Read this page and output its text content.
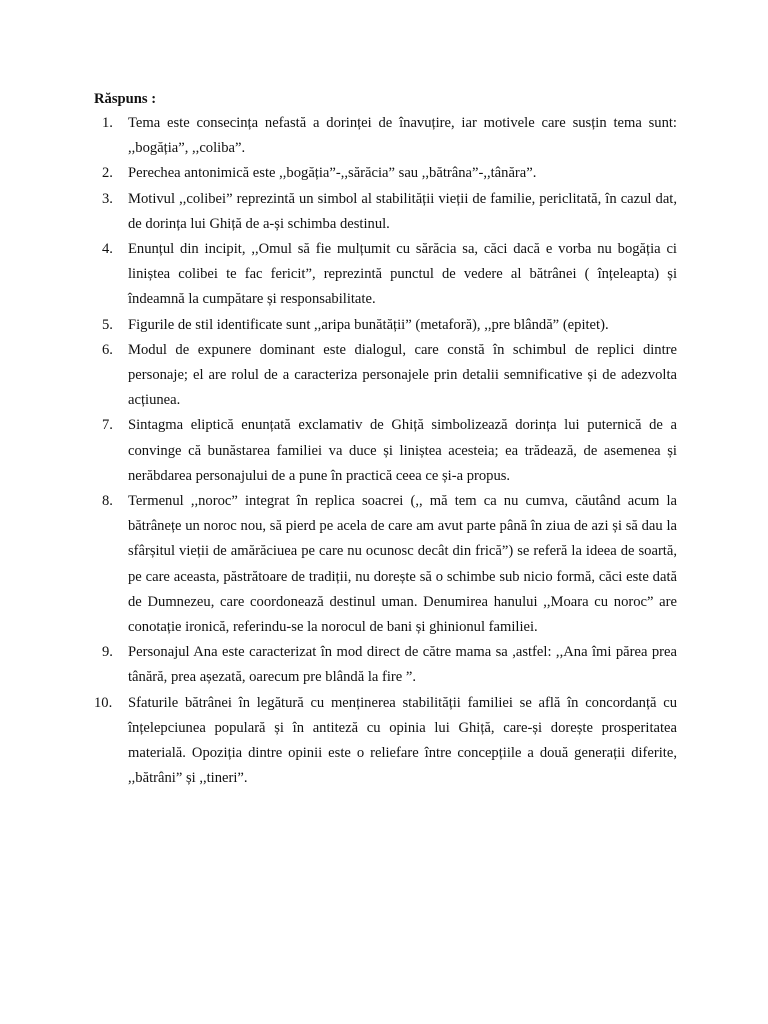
Răspuns :
1. Tema este consecința nefastă a dorinței de înavuțire, iar motivele care susțin tema sunt: ,,bogăția”, ,,coliba”.
2. Perechea antonimică este ,,bogăția”-,,sărăcia” sau ,,bătrâna”-,,tânăra”.
3. Motivul ,,colibei” reprezintă un simbol al stabilității vieții de familie, periclitată, în cazul dat, de dorința lui Ghiță de a-și schimba destinul.
4. Enunțul din incipit, ,,Omul să fie mulțumit cu sărăcia sa, căci dacă e vorba nu bogăția ci liniștea colibei te fac fericit”, reprezintă punctul de vedere al bătrânei ( înțeleapta) și îndeamnă la cumpătare și responsabilitate.
5. Figurile de stil identificate sunt ,,aripa bunătății” (metaforă), ,,pre blândă” (epitet).
6. Modul de expunere dominant este dialogul, care constă în schimbul de replici dintre personaje; el are rolul de a caracteriza personajele prin detalii semnificative și de adezvolta acțiunea.
7. Sintagma eliptică enunțată exclamativ de Ghiță simbolizează dorința lui puternică de a convinge că bunăstarea familiei va duce și liniștea acesteia; ea trădează, de asemenea și nerăbdarea personajului de a pune în practică ceea ce și-a propus.
8. Termenul ,,noroc” integrat în replica soacrei (,, mă tem ca nu cumva, căutând acum la bătrânețe un noroc nou, să pierd pe acela de care am avut parte până în ziua de azi și să dau la sfârșitul vieții de amărăciuea pe care nu ocunosc decât din frică”) se referă la ideea de soartă, pe care aceasta, păstrătoare de tradiții, nu dorește să o schimbe sub nicio formă, căci este dată de Dumnezeu, care coordonează destinul uman. Denumirea hanului ,,Moara cu noroc” are conotație ironică, referindu-se la norocul de bani și ghinionul familiei.
9. Personajul Ana este caracterizat în mod direct de către mama sa ,astfel: ,,Ana îmi părea prea tânără, prea așezată, oarecum pre blândă la fire ”.
10. Sfaturile bătrânei în legătură cu menținerea stabilității familiei se află în concordanță cu înțelepciunea populară și în antiteză cu opinia lui Ghiță, care-și dorește prosperitatea materială. Opoziția dintre opinii este o reliefare între concepțiile a două generații diferite, ,,bătrâni” și ,,tineri”.
